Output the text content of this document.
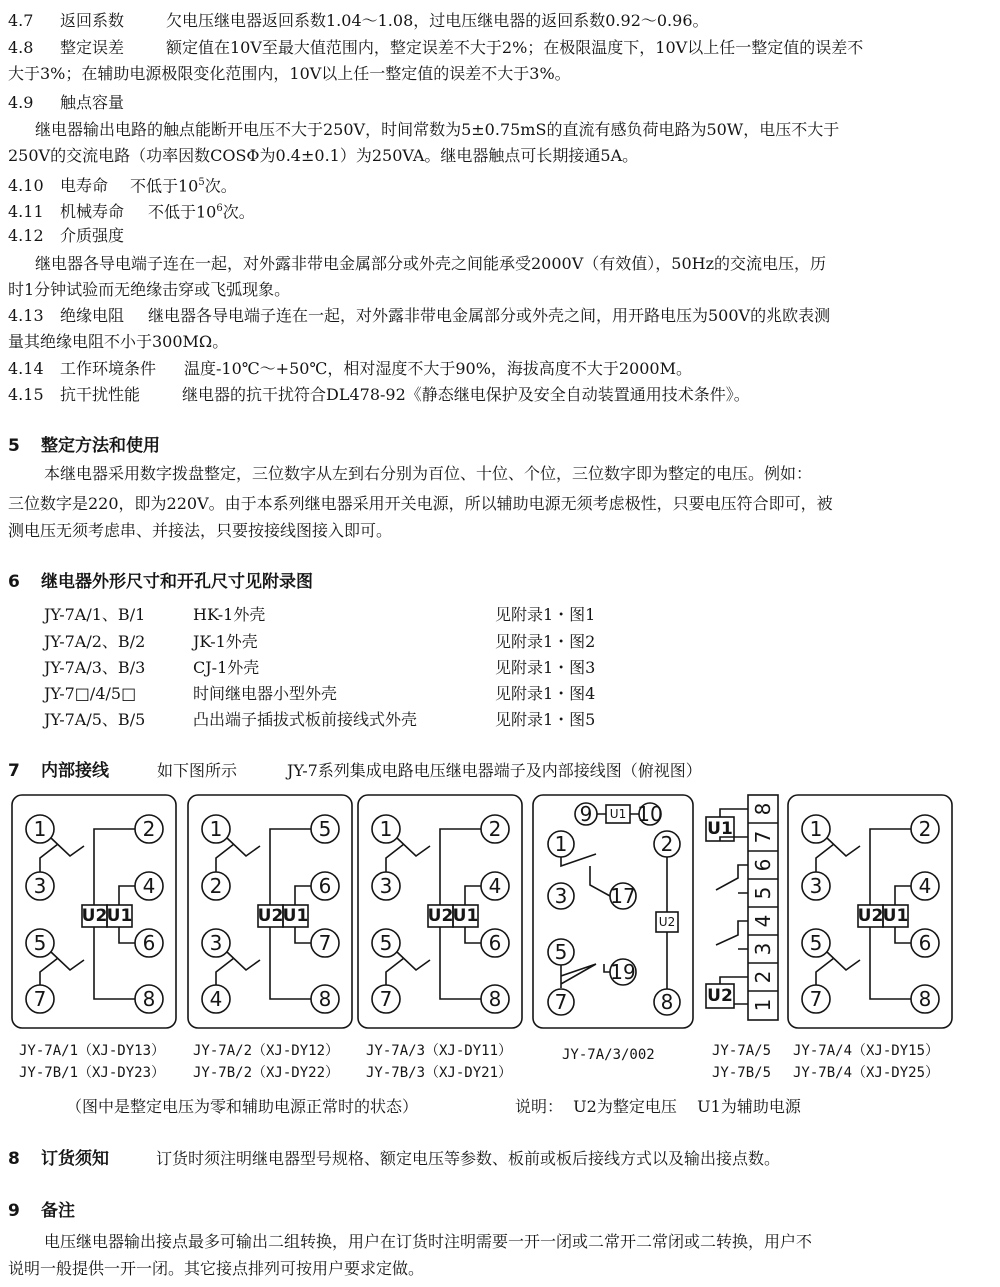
4.7 返回系数	欠电压继电器返回系数1.04～1.08，过电压继电器的返回系数0.92～0.96。
4.8 整定误差	额定值在10V至最大值范围内，整定误差不大于2%；在极限温度下，10V以上任一整定值的误差不
大于3%；在辅助电源极限变化范围内，10V以上任一整定值的误差不大于3%。
4.9 触点容量
继电器输出电路的触点能断开电压不大于250V，时间常数为5±0.75mS的直流有感负荷电路为50W，电压不大于
250V的交流电路（功率因数COSΦ为0.4±0.1）为250VA。继电器触点可长期接通5A。
4.10 电寿命 不低于$10^5$次。
4.11 机械寿命 不低于$10^6$次。
4.12 介质强度
继电器各导电端子连在一起，对外露非带电金属部分或外壳之间能承受2000V（有效值），50Hz的交流电压，历
时1分钟试验而无绝缘击穿或飞弧现象。
4.13 绝缘电阻 继电器各导电端子连在一起，对外露非带电金属部分或外壳之间，用开路电压为500V的兆欧表测
量其绝缘电阻不小于300MΩ。
4.14 工作环境条件 温度-10℃～+50℃，相对湿度不大于90%，海拔高度不大于2000M。
4.15 抗干扰性能	继电器的抗干扰符合DL478-92《静态继电保护及安全自动装置通用技术条件》。
5 整定方法和使用
本继电器采用数字拨盘整定，三位数字从左到右分别为百位、十位、个位，三位数字即为整定的电压。例如：
三位数字是220，即为220V。由于本系列继电器采用开关电源，所以辅助电源无须考虑极性，只要电压符合即可，被
测电压无须考虑串、并接法，只要按接线图接入即可。
6 继电器外形尺寸和开孔尺寸见附录图
JY-7A/1、B/1	HK-1外壳	见附录1・图1
JY-7A/2、B/2	JK-1外壳	见附录1・图2
JY-7A/3、B/3	CJ-1外壳	见附录1・图3
JY-7□/4/5□	时间继电器小型外壳	见附录1・图4
JY-7A/5、B/5	凸出端子插拔式板前接线式外壳	见附录1・图5
7 内部接线	如下图所示	JY-7系列集成电路电压继电器端子及内部接线图（俯视图）
1	2
3	4
5	6
7	8
U2 U1
1	5
2	6
3	7
4	8
U2 U1
1	2
3	4
5	6
7	8
U2 U1
9 10
U1
1	2
3 17
5
19
7	8
U2
8
7
6
5
4
3
2
1
U1
U2
1	2
3	4
5	6
7	8
U2 U1
JY-7A/1（XJ-DY13）
JY-7B/1（XJ-DY23）
JY-7A/2（XJ-DY12）
JY-7B/2（XJ-DY22）
JY-7A/3（XJ-DY11）
JY-7B/3（XJ-DY21）
JY-7A/3/002	JY-7A/5
JY-7B/5
JY-7A/4（XJ-DY15）
JY-7B/4（XJ-DY25）
（图中是整定电压为零和辅助电源正常时的状态）	说明：  U2为整定电压    U1为辅助电源
8 订货须知	订货时须注明继电器型号规格、额定电压等参数、板前或板后接线方式以及输出接点数。
9 备注
电压继电器输出接点最多可输出二组转换，用户在订货时注明需要一开一闭或二常开二常闭或二转换，用户不
说明一般提供一开一闭。其它接点排列可按用户要求定做。
